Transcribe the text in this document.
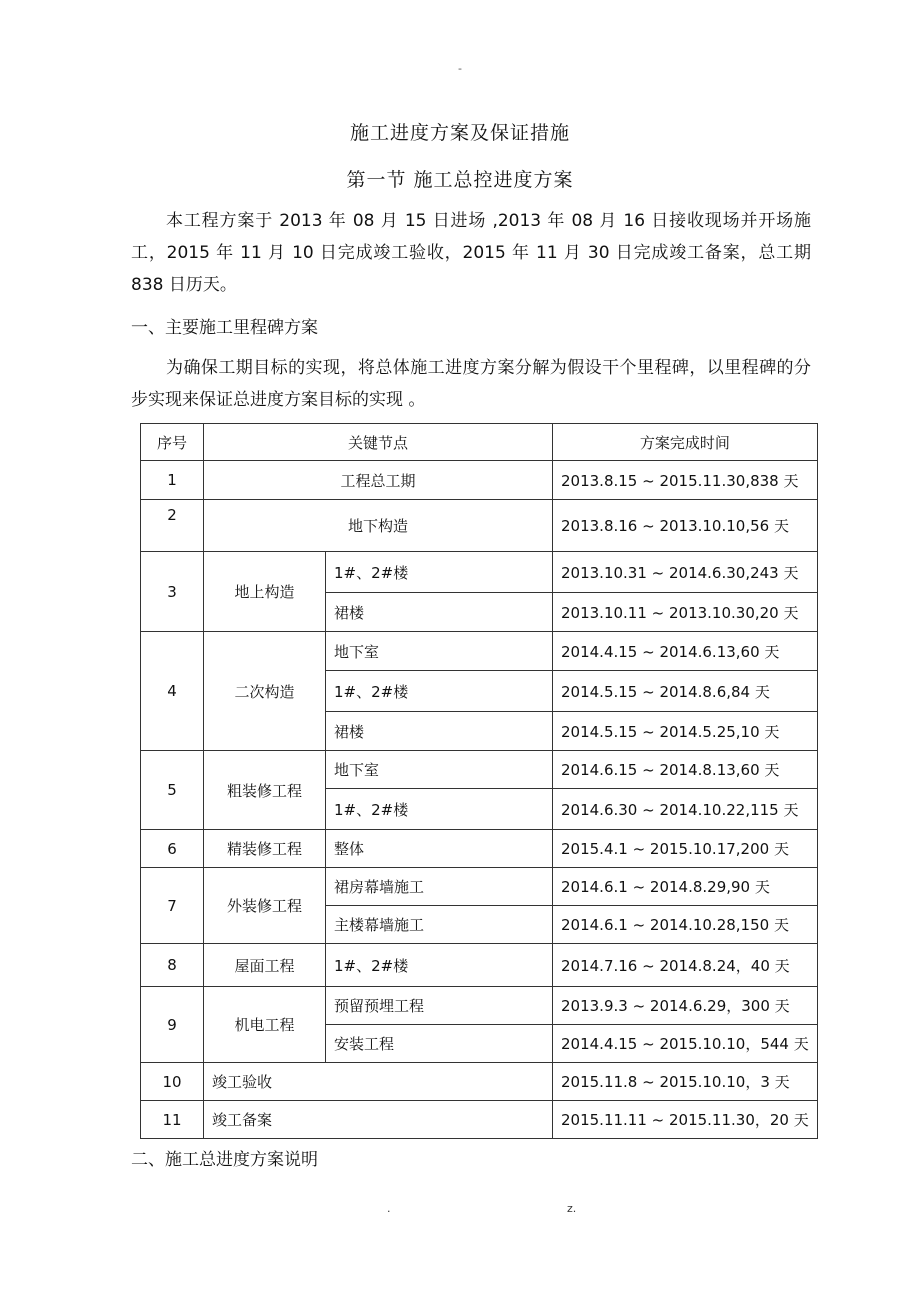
-
施工进度方案及保证措施
第一节 施工总控进度方案
本工程方案于 2013 年 08 月 15 日进场 ,2013 年 08 月 16 日接收现场并开场施工，2015 年 11 月 10 日完成竣工验收，2015 年 11 月 30 日完成竣工备案，总工期 838 日历天。
一、主要施工里程碑方案
为确保工期目标的实现，将总体施工进度方案分解为假设干个里程碑，以里程碑的分步实现来保证总进度方案目标的实现 。
序号	关键节点		方案完成时间
1	工程总工期		2013.8.15 ~ 2015.11.30,838 天
2	地下构造		2013.8.16 ~ 2013.10.10,56 天
3	地上构造	1#、2#楼	2013.10.31 ~ 2014.6.30,243 天
		裙楼	2013.10.11 ~ 2013.10.30,20 天
4	二次构造	地下室	2014.4.15 ~ 2014.6.13,60 天
		1#、2#楼	2014.5.15 ~ 2014.8.6,84 天
		裙楼	2014.5.15 ~ 2014.5.25,10 天
5	粗装修工程	地下室	2014.6.15 ~ 2014.8.13,60 天
		1#、2#楼	2014.6.30 ~ 2014.10.22,115 天
6	精装修工程	整体	2015.4.1 ~ 2015.10.17,200 天
7	外装修工程	裙房幕墙施工	2014.6.1 ~ 2014.8.29,90 天
		主楼幕墙施工	2014.6.1 ~ 2014.10.28,150 天
8	屋面工程	1#、2#楼	2014.7.16 ~ 2014.8.24，40 天
9	机电工程	预留预埋工程	2013.9.3 ~ 2014.6.29，300 天
		安装工程	2014.4.15 ~ 2015.10.10，544 天
10	竣工验收		2015.11.8 ~ 2015.10.10，3 天
11	竣工备案		2015.11.11 ~ 2015.11.30，20 天
二、施工总进度方案说明
.	z.
